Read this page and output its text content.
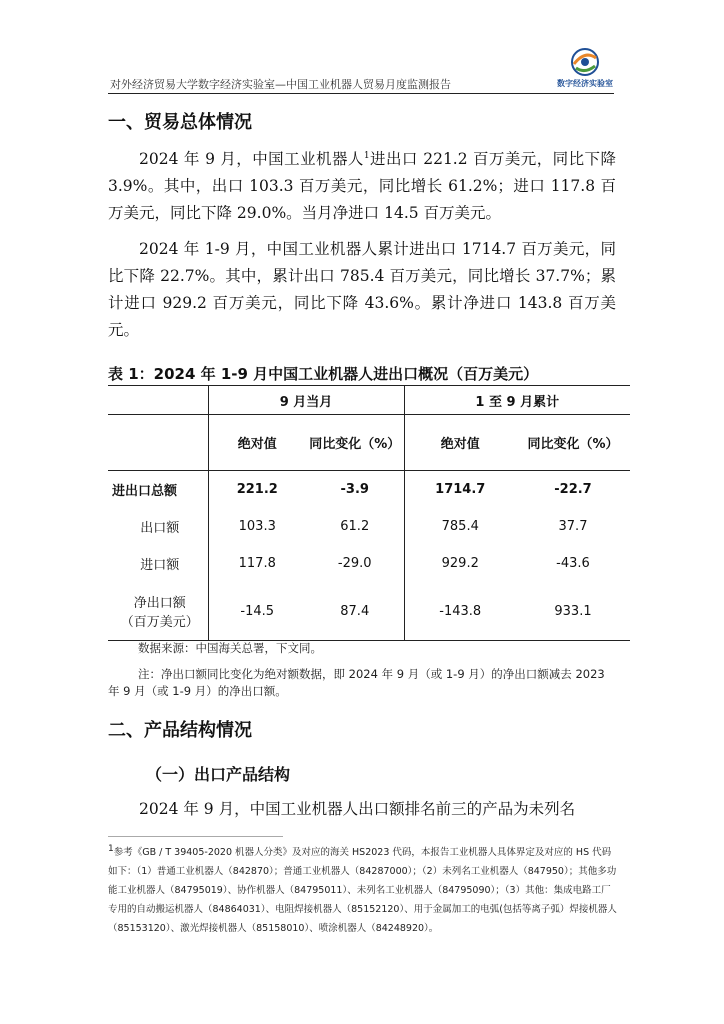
对外经济贸易大学数字经济实验室—中国工业机器人贸易月度监测报告	数字经济实验室
一、贸易总体情况

2024 年 9 月，中国工业机器人$^1$进出口 221.2 百万美元，同比下降 3.9%。其中，出口 103.3 百万美元，同比增长 61.2%；进口 117.8 百万美元，同比下降 29.0%。当月净进口 14.5 百万美元。

2024 年 1-9 月，中国工业机器人累计进出口 1714.7 百万美元，同比下降 22.7%。其中，累计出口 785.4 百万美元，同比增长 37.7%；累计进口 929.2 百万美元，同比下降 43.6%。累计净进口 143.8 百万美元。

表 1：2024 年 1-9 月中国工业机器人进出口概况（百万美元）

	9 月当月		1 至 9 月累计	
	绝对值	同比变化（%）	绝对值	同比变化（%）
进出口总额	221.2	-3.9	1714.7	-22.7
出口额	103.3	61.2	785.4	37.7
进口额	117.8	-29.0	929.2	-43.6
净出口额
（百万美元）	-14.5	87.4	-143.8	933.1

数据来源：中国海关总署，下文同。

注：净出口额同比变化为绝对额数据，即 2024 年 9 月（或 1-9 月）的净出口额减去 2023 年 9 月（或 1-9 月）的净出口额。

二、产品结构情况
（一）出口产品结构

2024 年 9 月，中国工业机器人出口额排名前三的产品为未列名

$^1$参考《GB / T 39405-2020 机器人分类》及对应的海关 HS2023 代码，本报告工业机器人具体界定及对应的 HS 代码如下：（1）普通工业机器人（842870）；普通工业机器人（84287000）；（2）未列名工业机器人（847950）；其他多功能工业机器人（84795019）、协作机器人（84795011）、未列名工业机器人（84795090）；（3）其他：集成电路工厂专用的自动搬运机器人（84864031）、电阻焊接机器人（85152120）、用于金属加工的电弧(包括等离子弧）焊接机器人（85153120）、激光焊接机器人（85158010）、喷涂机器人（84248920）。
